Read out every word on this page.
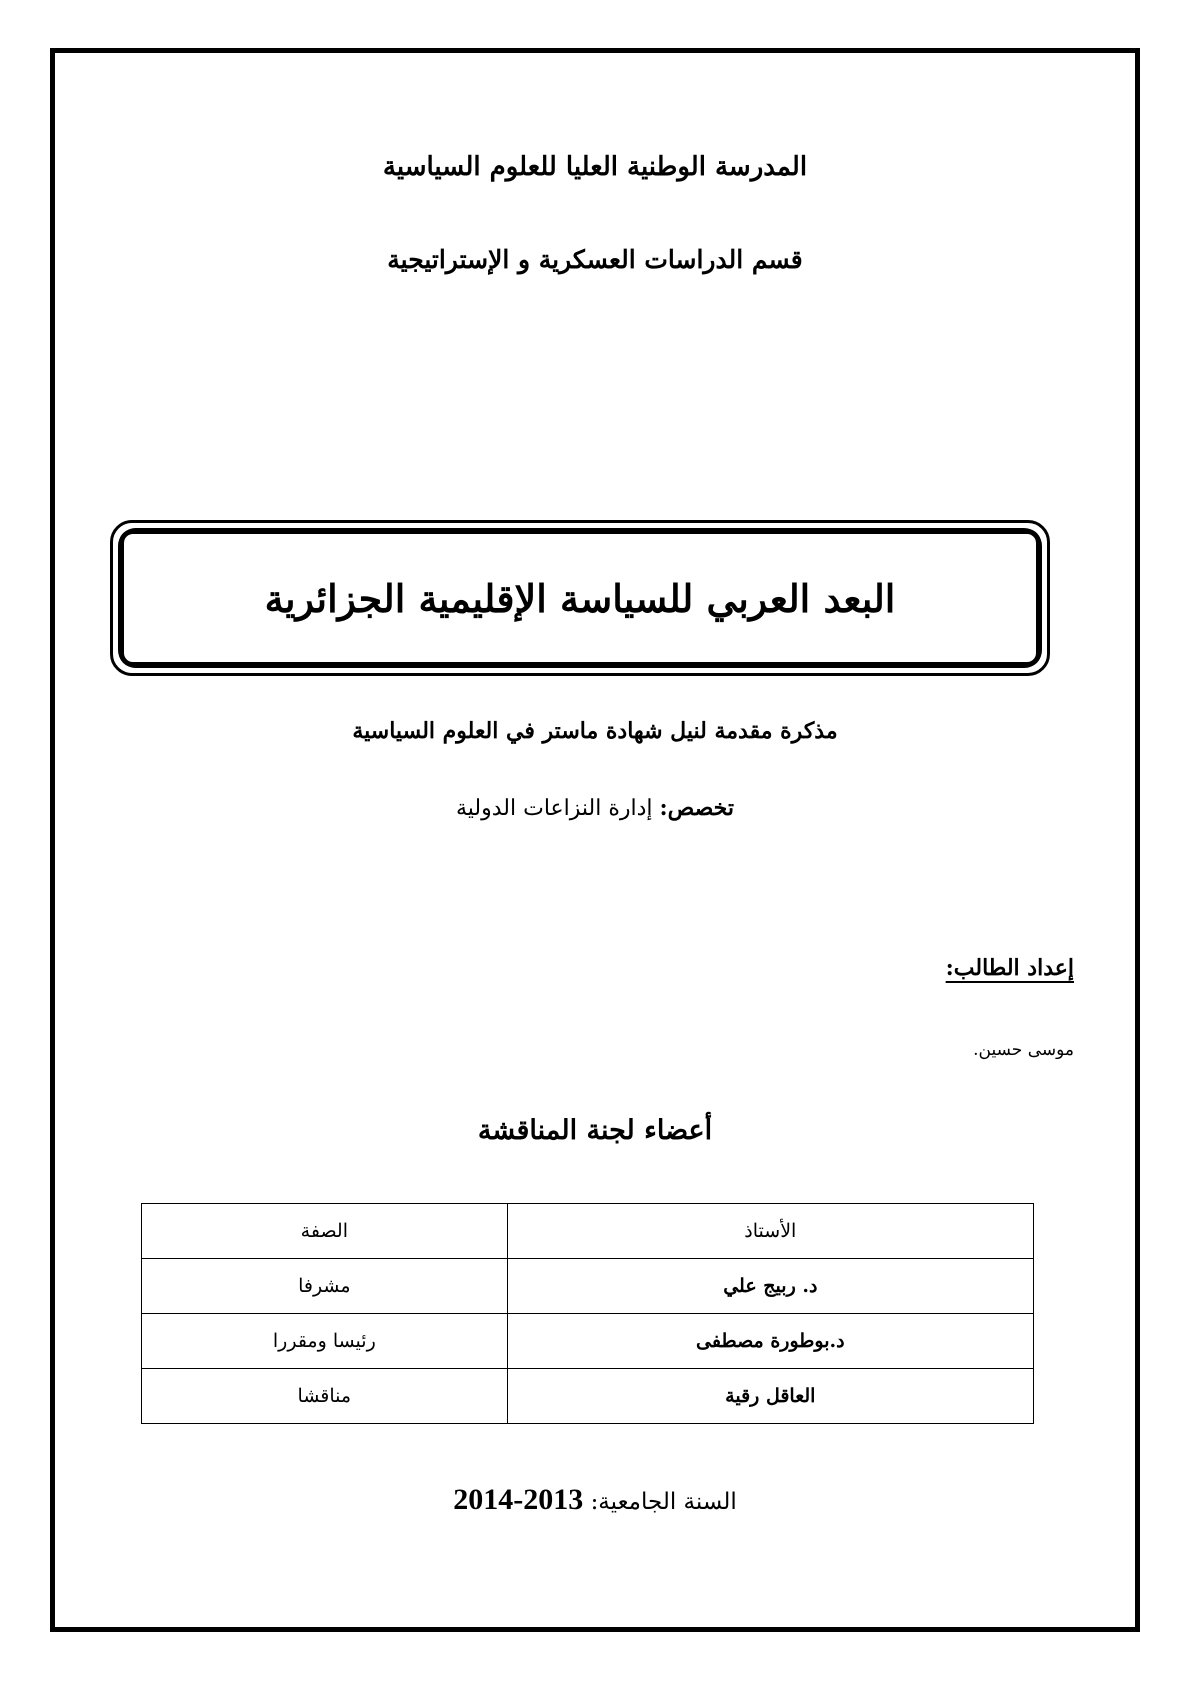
المدرسة الوطنية العليا للعلوم السياسية
قسم الدراسات العسكرية و الإستراتيجية
البعد العربي للسياسة الإقليمية الجزائرية
مذكرة مقدمة لنيل شهادة ماستر في العلوم السياسية
تخصص: إدارة النزاعات الدولية
إعداد الطالب:
موسى حسين.
أعضاء لجنة المناقشة
الأستاذ	الصفة
د. ربيج علي	مشرفا
د.بوطورة مصطفى	رئيسا ومقررا
العاقل رقية	مناقشا
السنة الجامعية: 2014-2013
